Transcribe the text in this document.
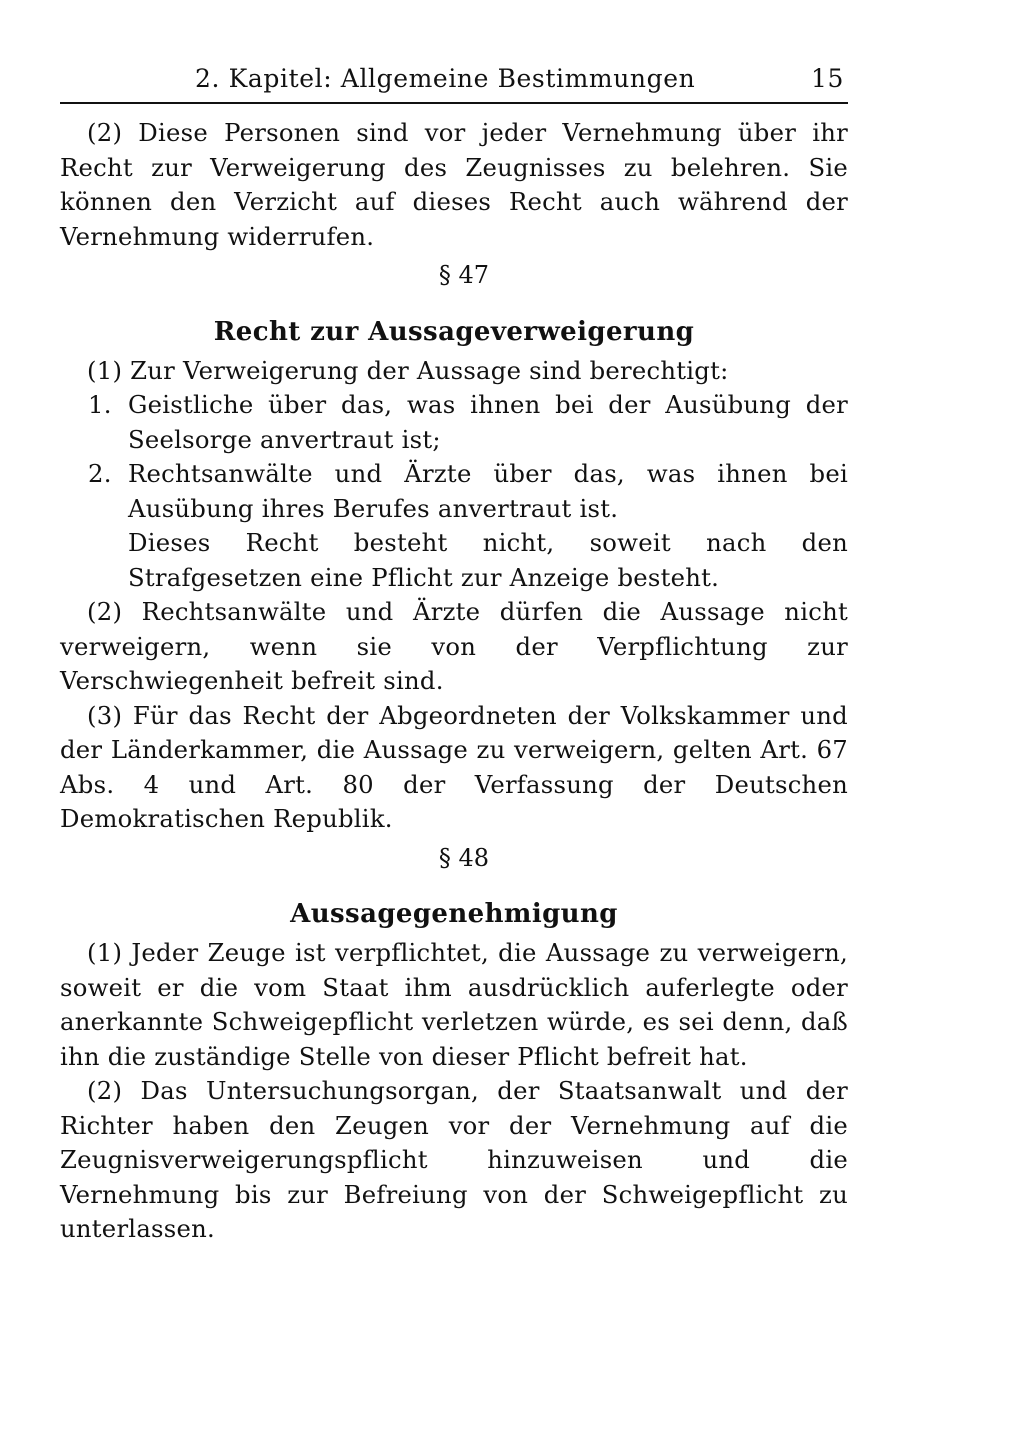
2. Kapitel: Allgemeine Bestimmungen	15

(2) Diese Personen sind vor jeder Vernehmung über ihr Recht zur Verweigerung des Zeugnisses zu belehren. Sie können den Verzicht auf dieses Recht auch während der Vernehmung widerrufen.

§ 47
Recht zur Aussageverweigerung

(1) Zur Verweigerung der Aussage sind berechtigt:

1. Geistliche über das, was ihnen bei der Ausübung der Seelsorge anvertraut ist;
2. Rechtsanwälte und Ärzte über das, was ihnen bei Ausübung ihres Berufes anvertraut ist.

Dieses Recht besteht nicht, soweit nach den Strafgesetzen eine Pflicht zur Anzeige besteht.

(2) Rechtsanwälte und Ärzte dürfen die Aussage nicht verweigern, wenn sie von der Verpflichtung zur Verschwiegenheit befreit sind.

(3) Für das Recht der Abgeordneten der Volkskammer und der Länderkammer, die Aussage zu verweigern, gelten Art. 67 Abs. 4 und Art. 80 der Verfassung der Deutschen Demokratischen Republik.

§ 48
Aussagegenehmigung

(1) Jeder Zeuge ist verpflichtet, die Aussage zu verweigern, soweit er die vom Staat ihm ausdrücklich auferlegte oder anerkannte Schweigepflicht verletzen würde, es sei denn, daß ihn die zuständige Stelle von dieser Pflicht befreit hat.

(2) Das Untersuchungsorgan, der Staatsanwalt und der Richter haben den Zeugen vor der Vernehmung auf die Zeugnisverweigerungspflicht hinzuweisen und die Vernehmung bis zur Befreiung von der Schweigepflicht zu unterlassen.
